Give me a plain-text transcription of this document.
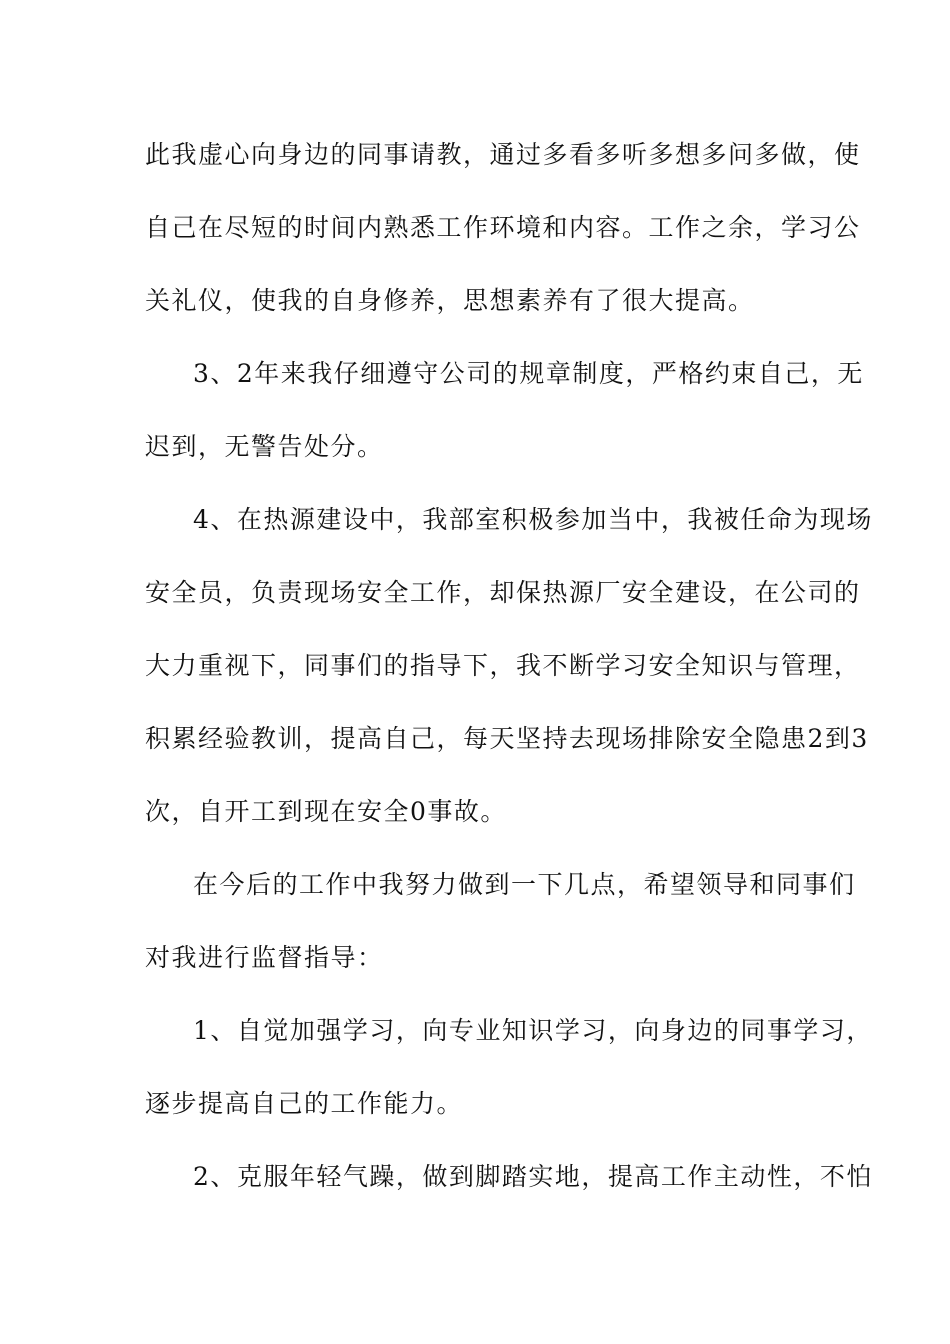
此我虚心向身边的同事请教，通过多看多听多想多问多做，使
自己在尽短的时间内熟悉工作环境和内容。工作之余，学习公
关礼仪，使我的自身修养，思想素养有了很大提高。
3、2年来我仔细遵守公司的规章制度，严格约束自己，无
迟到，无警告处分。
4、在热源建设中，我部室积极参加当中，我被任命为现场
安全员，负责现场安全工作，却保热源厂安全建设，在公司的
大力重视下，同事们的指导下，我不断学习安全知识与管理，
积累经验教训，提高自己，每天坚持去现场排除安全隐患2到3
次，自开工到现在安全0事故。
在今后的工作中我努力做到一下几点，希望领导和同事们
对我进行监督指导：
1、自觉加强学习，向专业知识学习，向身边的同事学习，
逐步提高自己的工作能力。
2、克服年轻气躁，做到脚踏实地，提高工作主动性，不怕
